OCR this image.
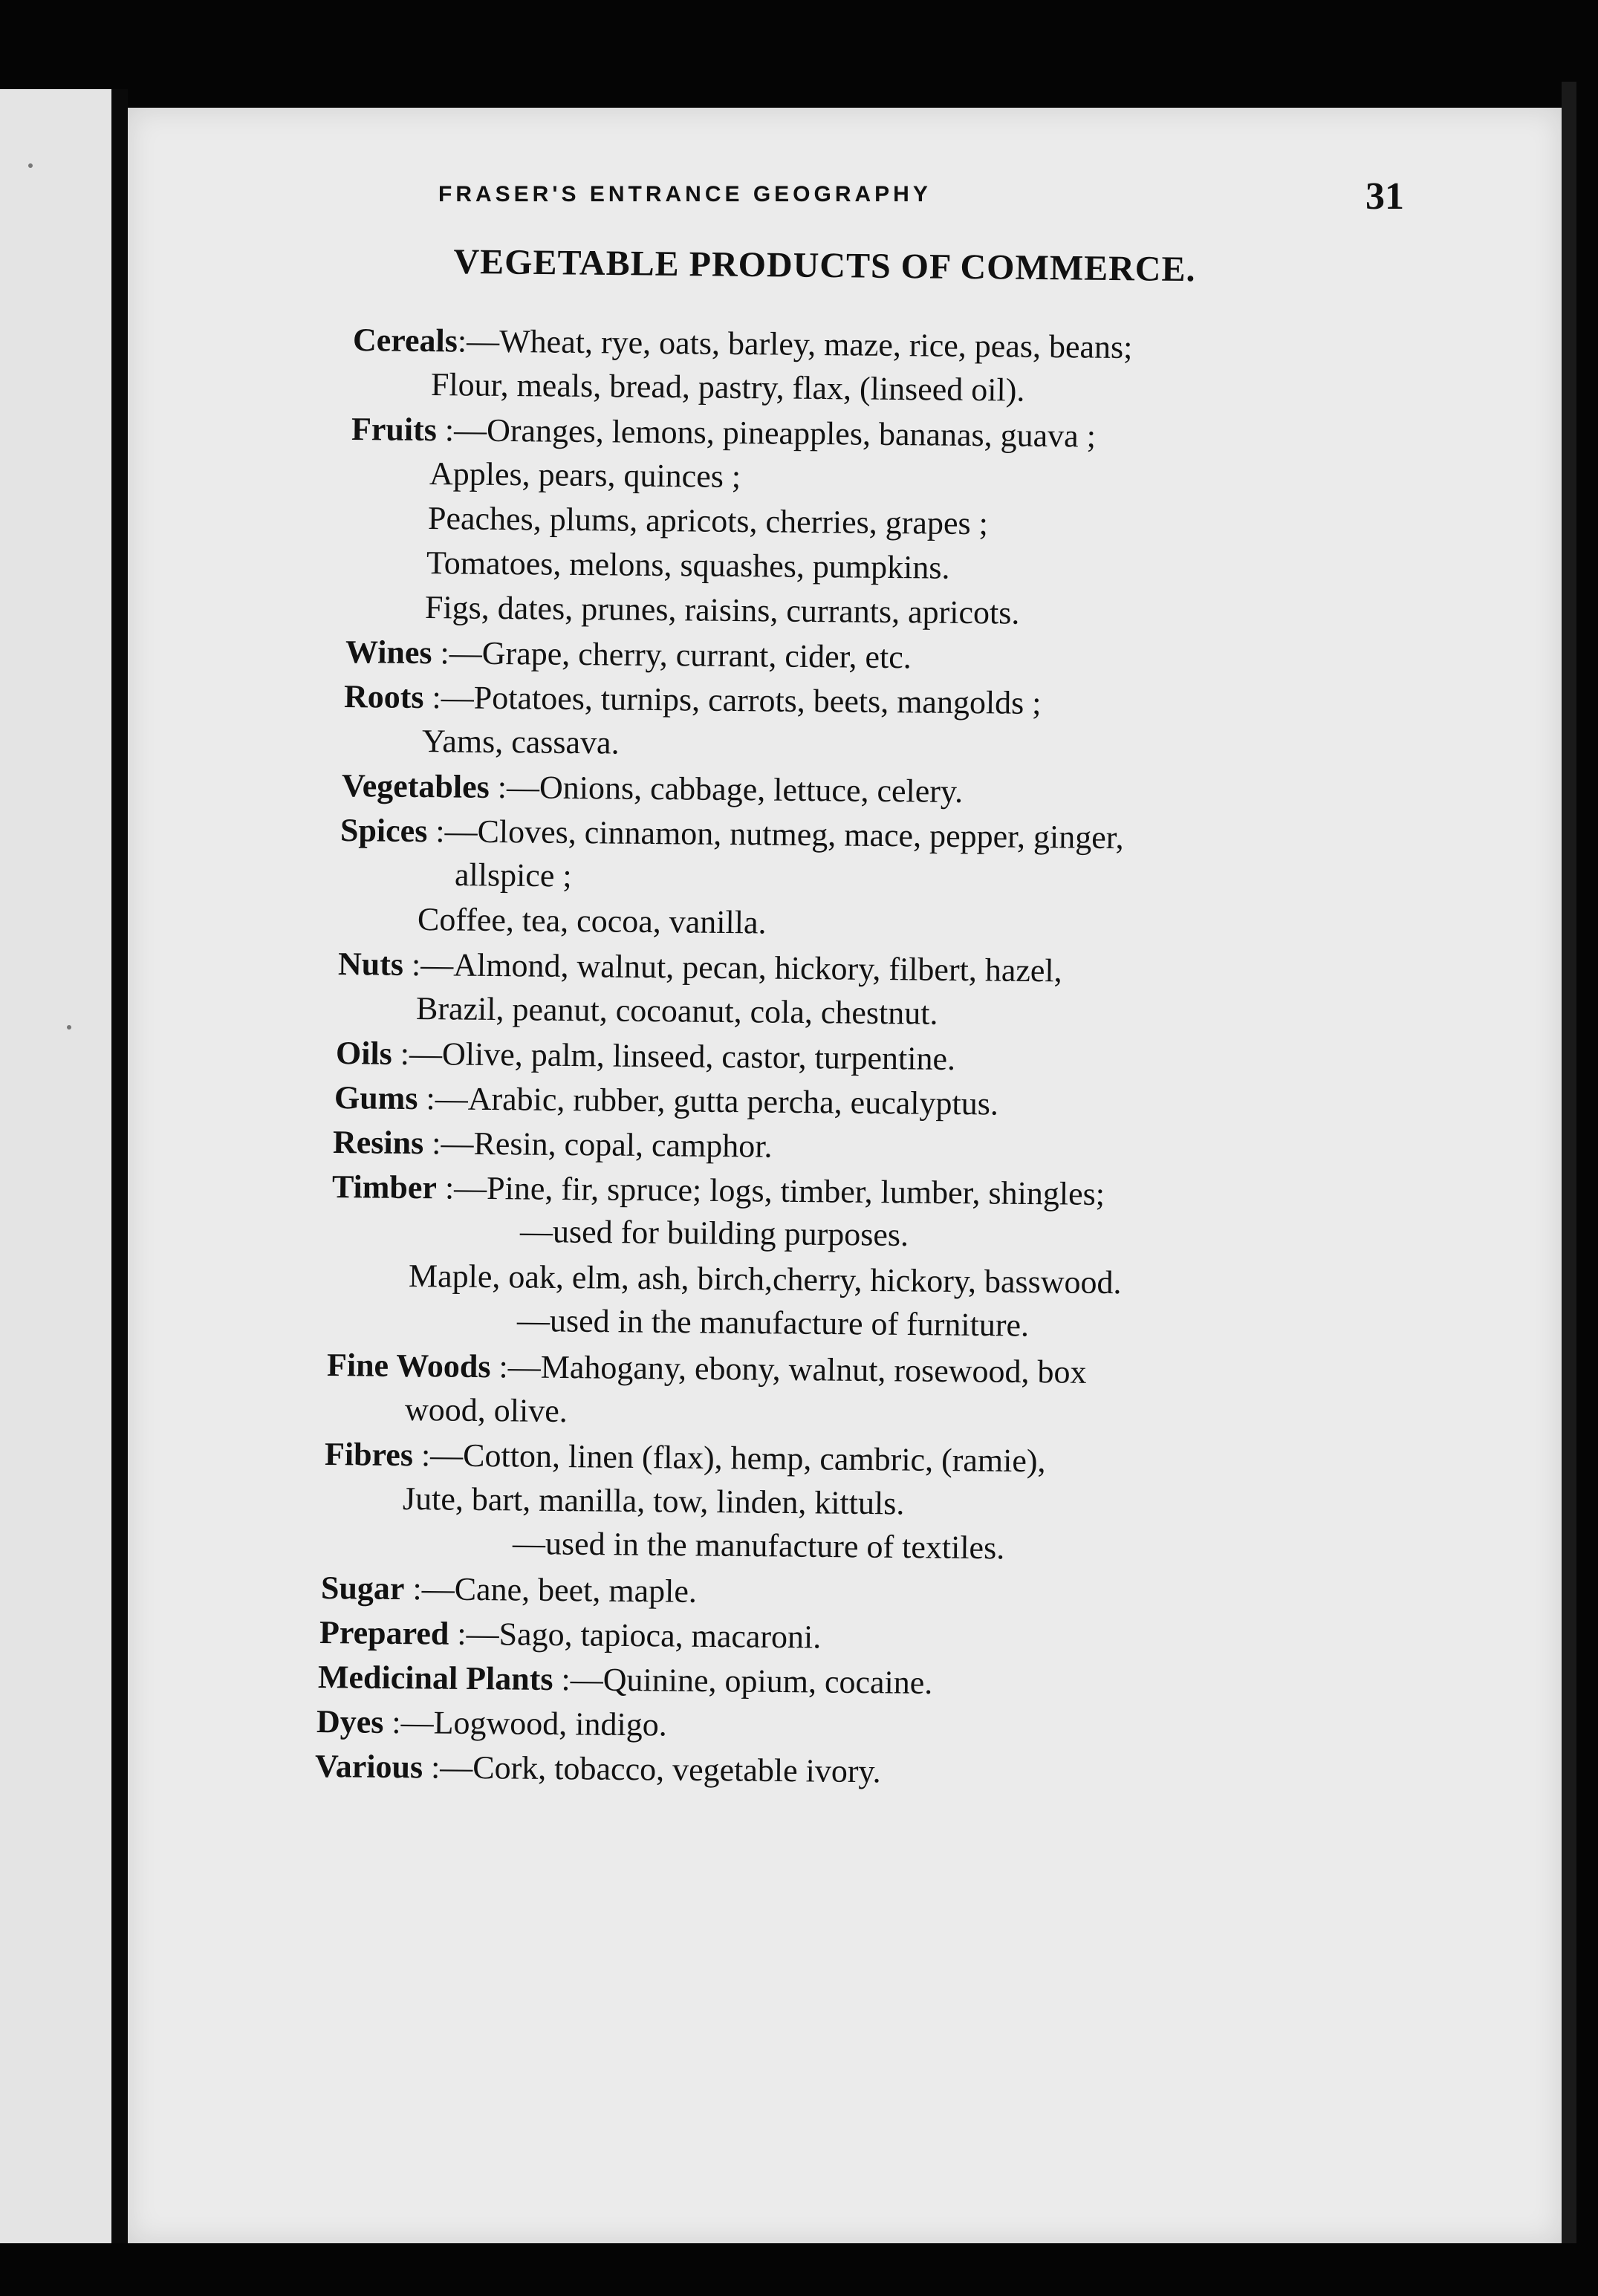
FRASER'S ENTRANCE GEOGRAPHY	31
VEGETABLE PRODUCTS OF COMMERCE.
Cereals:—Wheat, rye, oats, barley, maze, rice, peas, beans;
Flour, meals, bread, pastry, flax, (linseed oil).
Fruits :—Oranges, lemons, pineapples, bananas, guava ;
Apples, pears, quinces ;
Peaches, plums, apricots, cherries, grapes ;
Tomatoes, melons, squashes, pumpkins.
Figs, dates, prunes, raisins, currants, apricots.
Wines :—Grape, cherry, currant, cider, etc.
Roots :—Potatoes, turnips, carrots, beets, mangolds ;
Yams, cassava.
Vegetables :—Onions, cabbage, lettuce, celery.
Spices :—Cloves, cinnamon, nutmeg, mace, pepper, ginger,
allspice ;
Coffee, tea, cocoa, vanilla.
Nuts :—Almond, walnut, pecan, hickory, filbert, hazel,
Brazil, peanut, cocoanut, cola, chestnut.
Oils :—Olive, palm, linseed, castor, turpentine.
Gums :—Arabic, rubber, gutta percha, eucalyptus.
Resins :—Resin, copal, camphor.
Timber :—Pine, fir, spruce; logs, timber, lumber, shingles;
—used for building purposes.
Maple, oak, elm, ash, birch,cherry, hickory, basswood.
—used in the manufacture of furniture.
Fine Woods :—Mahogany, ebony, walnut, rosewood, box
wood, olive.
Fibres :—Cotton, linen (flax), hemp, cambric, (ramie),
Jute, bart, manilla, tow, linden, kittuls.
—used in the manufacture of textiles.
Sugar :—Cane, beet, maple.
Prepared :—Sago, tapioca, macaroni.
Medicinal Plants :—Quinine, opium, cocaine.
Dyes :—Logwood, indigo.
Various :—Cork, tobacco, vegetable ivory.
